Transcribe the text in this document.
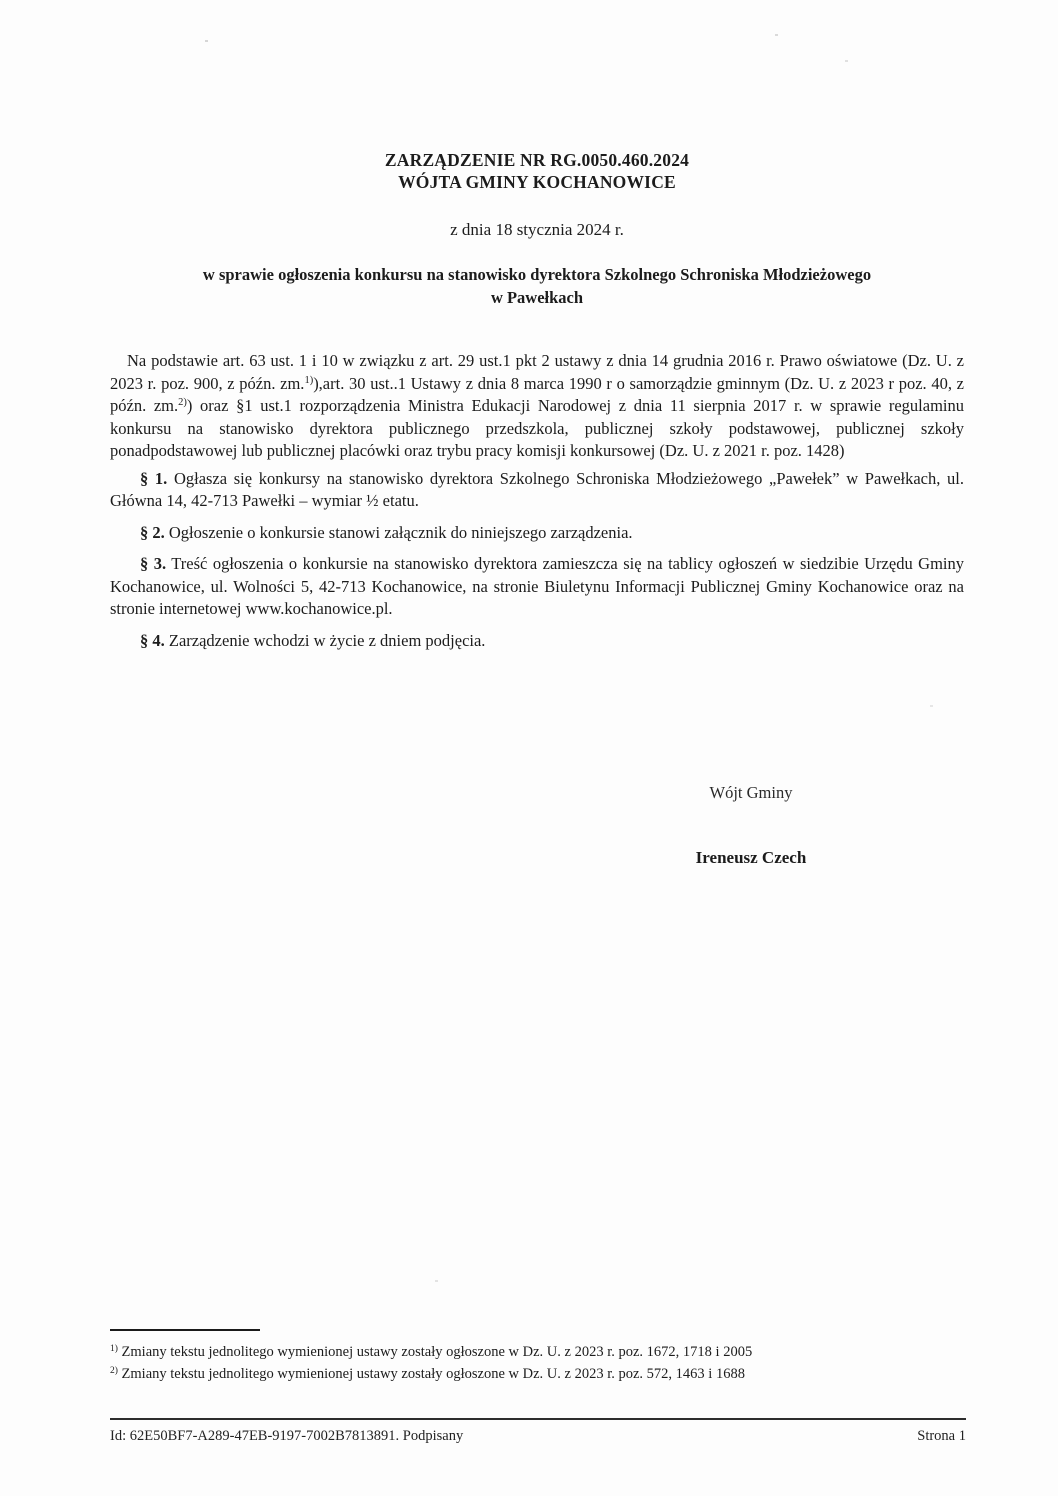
ZARZĄDZENIE NR RG.0050.460.2024
WÓJTA GMINY KOCHANOWICE
z dnia 18 stycznia 2024 r.
w sprawie ogłoszenia konkursu na stanowisko dyrektora Szkolnego Schroniska Młodzieżowego
w Pawełkach

Na podstawie art. 63 ust. 1 i 10 w związku z art. 29 ust.1 pkt 2 ustawy z dnia 14 grudnia 2016 r. Prawo oświatowe (Dz. U. z 2023 r. poz. 900, z późn. zm.$^{1)}$),art. 30 ust..1 Ustawy z dnia 8 marca 1990 r o samorządzie gminnym (Dz. U. z 2023 r poz. 40, z późn. zm.$^{2)}$) oraz §1 ust.1 rozporządzenia Ministra Edukacji Narodowej z dnia 11 sierpnia 2017 r. w sprawie regulaminu konkursu na stanowisko dyrektora publicznego przedszkola, publicznej szkoły podstawowej, publicznej szkoły ponadpodstawowej lub publicznej placówki oraz trybu pracy komisji konkursowej (Dz. U. z 2021 r. poz. 1428)

§ 1. Ogłasza się konkursy na stanowisko dyrektora Szkolnego Schroniska Młodzieżowego „Pawełek” w Pawełkach, ul. Główna 14, 42-713 Pawełki – wymiar ½ etatu.

§ 2. Ogłoszenie o konkursie stanowi załącznik do niniejszego zarządzenia.

§ 3. Treść ogłoszenia o konkursie na stanowisko dyrektora zamieszcza się na tablicy ogłoszeń w siedzibie Urzędu Gminy Kochanowice, ul. Wolności 5, 42-713 Kochanowice, na stronie Biuletynu Informacji Publicznej Gminy Kochanowice oraz na stronie internetowej www.kochanowice.pl.

§ 4. Zarządzenie wchodzi w życie z dniem podjęcia.

Wójt Gminy
Ireneusz Czech
$^{1)}$ Zmiany tekstu jednolitego wymienionej ustawy zostały ogłoszone w Dz. U. z 2023 r. poz. 1672, 1718 i 2005
$^{2)}$ Zmiany tekstu jednolitego wymienionej ustawy zostały ogłoszone w Dz. U. z 2023 r. poz. 572, 1463 i 1688
Id: 62E50BF7-A289-47EB-9197-7002B7813891. Podpisany	Strona 1
